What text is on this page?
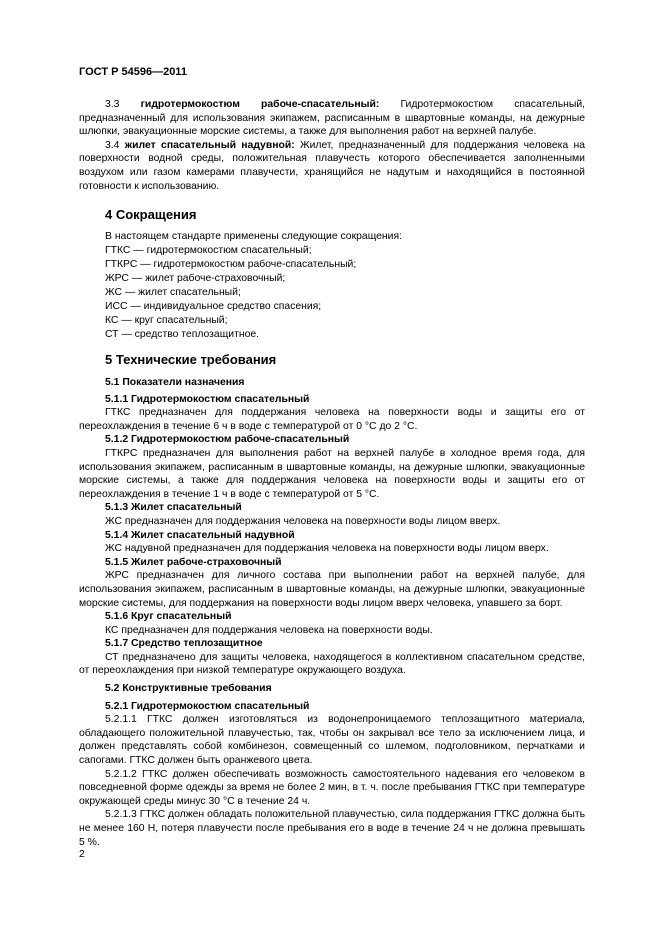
ГОСТ Р 54596—2011

3.3 гидротермокостюм рабоче-спасательный: Гидротермокостюм спасательный, предназначенный для использования экипажем, расписанным в швартовные команды, на дежурные шлюпки, эвакуационные морские системы, а также для выполнения работ на верхней палубе.

3.4 жилет спасательный надувной: Жилет, предназначенный для поддержания человека на поверхности водной среды, положительная плавучесть которого обеспечивается заполненными воздухом или газом камерами плавучести, хранящийся не надутым и находящийся в постоянной готовности к использованию.

4 Сокращения

В настоящем стандарте применены следующие сокращения:

ГТКС — гидротермокостюм спасательный;
ГТКРС — гидротермокостюм рабоче-спасательный;
ЖРС — жилет рабоче-страховочный;
ЖС — жилет спасательный;
ИСС — индивидуальное средство спасения;
КС — круг спасательный;
СТ — средство теплозащитное.
5 Технические требования
5.1 Показатели назначения
5.1.1 Гидротермокостюм спасательный

ГТКС предназначен для поддержания человека на поверхности воды и защиты его от переохлаждения в течение 6 ч в воде с температурой от 0 °С до 2 °С.

5.1.2 Гидротермокостюм рабоче-спасательный

ГТКРС предназначен для выполнения работ на верхней палубе в холодное время года, для использования экипажем, расписанным в швартовные команды, на дежурные шлюпки, эвакуационные морские системы, а также для поддержания человека на поверхности воды и защиты его от переохлаждения в течение 1 ч в воде с температурой от 5 °С.

5.1.3 Жилет спасательный

ЖС предназначен для поддержания человека на поверхности воды лицом вверх.

5.1.4 Жилет спасательный надувной

ЖС надувной предназначен для поддержания человека на поверхности воды лицом вверх.

5.1.5 Жилет рабоче-страховочный

ЖРС предназначен для личного состава при выполнении работ на верхней палубе, для использования экипажем, расписанным в швартовные команды, на дежурные шлюпки, эвакуационные морские системы, для поддержания на поверхности воды лицом вверх человека, упавшего за борт.

5.1.6 Круг спасательный

КС предназначен для поддержания человека на поверхности воды.

5.1.7 Средство теплозащитное

СТ предназначено для защиты человека, находящегося в коллективном спасательном средстве, от переохлаждения при низкой температуре окружающего воздуха.

5.2 Конструктивные требования
5.2.1 Гидротермокостюм спасательный

5.2.1.1 ГТКС должен изготовляться из водонепроницаемого теплозащитного материала, обладающего положительной плавучестью, так, чтобы он закрывал все тело за исключением лица, и должен представлять собой комбинезон, совмещенный со шлемом, подголовником, перчатками и сапогами. ГТКС должен быть оранжевого цвета.

5.2.1.2 ГТКС должен обеспечивать возможность самостоятельного надевания его человеком в повседневной форме одежды за время не более 2 мин, в т. ч. после пребывания ГТКС при температуре окружающей среды минус 30 °С в течение 24 ч.

5.2.1.3 ГТКС должен обладать положительной плавучестью, сила поддержания ГТКС должна быть не менее 160 Н, потеря плавучести после пребывания его в воде в течение 24 ч не должна превышать 5 %.

2
